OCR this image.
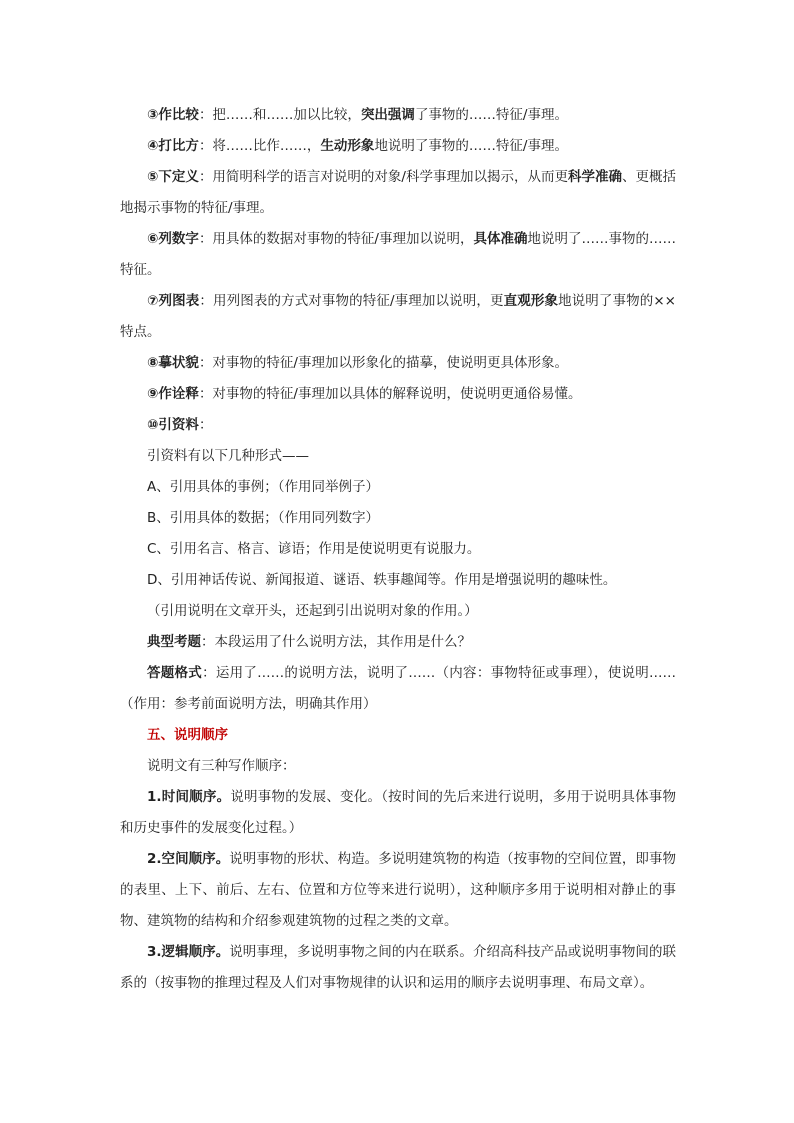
③作比较：把……和……加以比较，突出强调了事物的……特征/事理。

④打比方：将……比作……，生动形象地说明了事物的……特征/事理。

⑤下定义：用简明科学的语言对说明的对象/科学事理加以揭示，从而更科学准确、更概括地揭示事物的特征/事理。

⑥列数字：用具体的数据对事物的特征/事理加以说明，具体准确地说明了……事物的……特征。

⑦列图表：用列图表的方式对事物的特征/事理加以说明，更直观形象地说明了事物的××特点。

⑧摹状貌：对事物的特征/事理加以形象化的描摹，使说明更具体形象。

⑨作诠释：对事物的特征/事理加以具体的解释说明，使说明更通俗易懂。

⑩引资料：

引资料有以下几种形式——

A、引用具体的事例；（作用同举例子）

B、引用具体的数据；（作用同列数字）

C、引用名言、格言、谚语；作用是使说明更有说服力。

D、引用神话传说、新闻报道、谜语、轶事趣闻等。作用是增强说明的趣味性。

（引用说明在文章开头，还起到引出说明对象的作用。）

典型考题：本段运用了什么说明方法，其作用是什么？

答题格式：运用了……的说明方法，说明了……（内容：事物特征或事理），使说明……（作用：参考前面说明方法，明确其作用）

五、说明顺序

说明文有三种写作顺序：

1.时间顺序。说明事物的发展、变化。（按时间的先后来进行说明，多用于说明具体事物和历史事件的发展变化过程。）

2.空间顺序。说明事物的形状、构造。多说明建筑物的构造（按事物的空间位置，即事物的表里、上下、前后、左右、位置和方位等来进行说明），这种顺序多用于说明相对静止的事物、建筑物的结构和介绍参观建筑物的过程之类的文章。

3.逻辑顺序。说明事理，多说明事物之间的内在联系。介绍高科技产品或说明事物间的联系的（按事物的推理过程及人们对事物规律的认识和运用的顺序去说明事理、布局文章）。
